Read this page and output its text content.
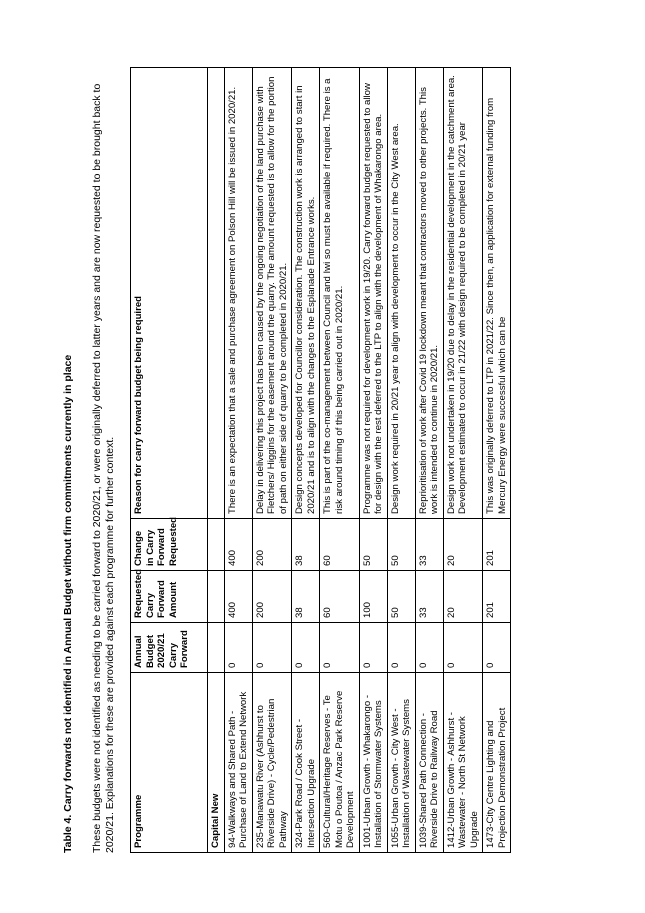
Table 4. Carry forwards not identified in Annual Budget without firm commitments currently in place These budgets were not identified as needing to be carried forward to 2020/21, or were originally deferred to latter years and are now requested to be brought back to 2020/21. Explanations for these are provided against each programme for further context. Programme	Annual Budget 2020/21 Carry Forward	Requested Carry Forward Amount	Change in Carry Forward Requested	Reason for carry forward budget being required
Capital New				
94-Walkways and Shared Path - Purchase of Land to Extend Network	0	400	400	There is an expectation that a sale and purchase agreement on Polson Hill will be issued in 2020/21.
235-Manawatu River (Ashhurst to Riverside Drive) - Cycle/Pedestrian Pathway	0	200	200	Delay in delivering this project has been caused by the ongoing negotiation of the land purchase with Fletchers/ Higgins for the easement around the quarry. The amount requested is to allow for the portion of path on either side of quarry to be completed in 2020/21.
324-Park Road / Cook Street - Intersection Upgrade	0	38	38	Design concepts developed for Councillor consideration. The construction work is arranged to start in 2020/21 and is to align with the changes to the Esplanade Entrance works.
560-Cultural/Heritage Reserves - Te Motu o Poutoa / Anzac Park Reserve Development	0	60	60	This is part of the co-management between Council and Iwi so must be available if required. There is a risk around timing of this being carried out in 2020/21.
1001-Urban Growth - Whakarongo - Installation of Stormwater Systems	0	100	50	Programme was not required for development work in 19/20. Carry forward budget requested to allow for design with the rest deferred to the LTP to align with the development of Whakarongo area.
1055-Urban Growth - City West - Installation of Wastewater Systems	0	50	50	Design work required in 20/21 year to align with development to occur in the City West area.
1039-Shared Path Connection - Riverside Drive to Railway Road	0	33	33	Reprioritisation of work after Covid 19 lockdown meant that contractors moved to other projects. This work is intended to continue in 2020/21.
1412-Urban Growth - Ashhurst - Wastewater - North St Network Upgrade	0	20	20	Design work not undertaken in 19/20 due to delay in the residential development in the catchment area. Development estimated to occur in 21/22 with design required to be completed in 20/21 year
1473-City Centre Lighting and Projection Demonstration Project	0	201	201	This was originally deferred to LTP in 2021/22. Since then, an application for external funding from Mercury Energy were successful which can be
